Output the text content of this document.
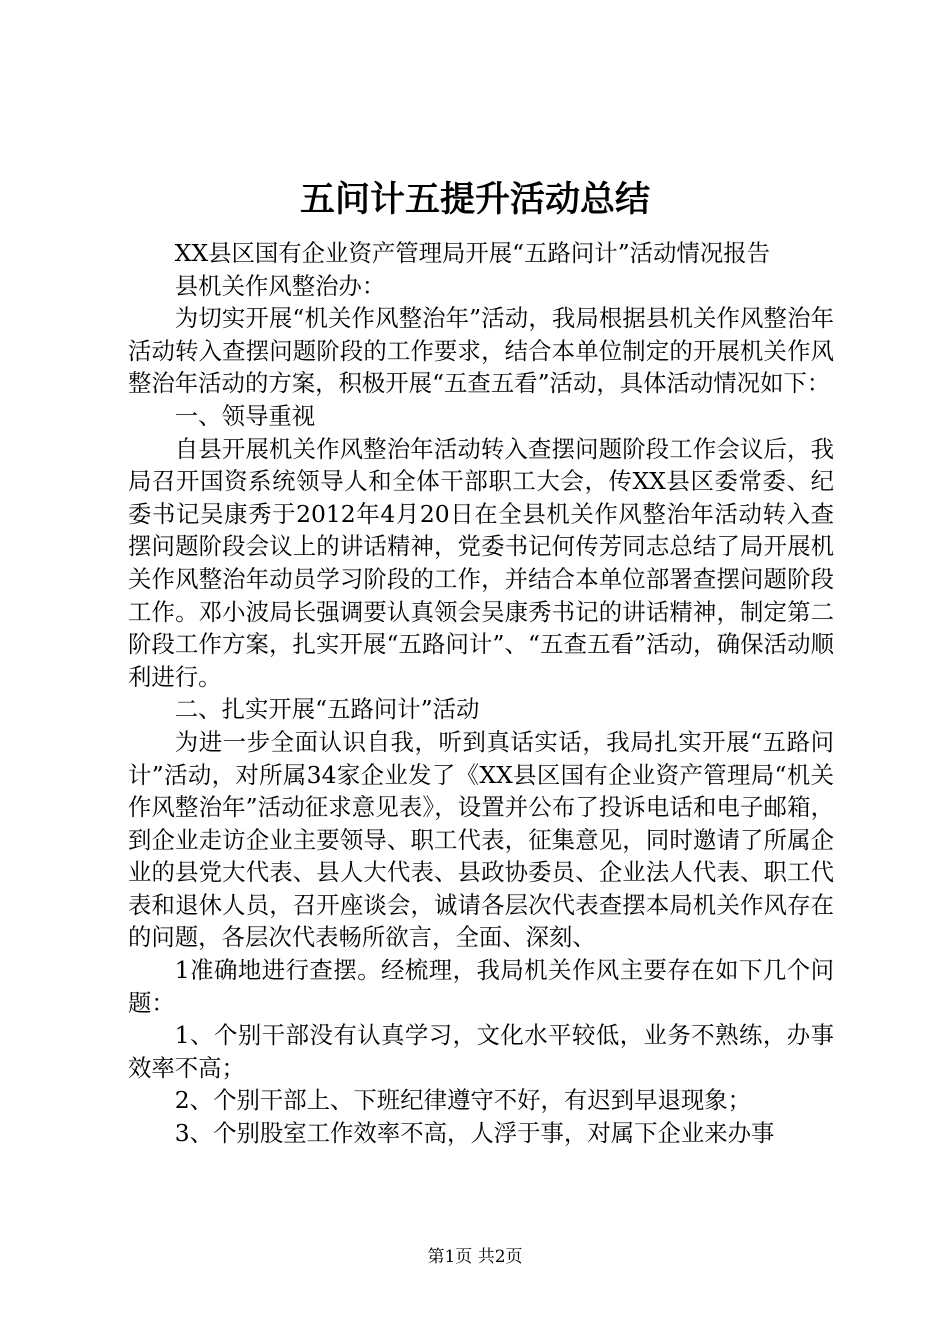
五问计五提升活动总结

XX县区国有企业资产管理局开展“五路问计”活动情况报告

县机关作风整治办：

为切实开展“机关作风整治年”活动，我局根据县机关作风整治年活动转入查摆问题阶段的工作要求，结合本单位制定的开展机关作风整治年活动的方案，积极开展“五查五看”活动，具体活动情况如下：

一、领导重视

自县开展机关作风整治年活动转入查摆问题阶段工作会议后，我局召开国资系统领导人和全体干部职工大会，传XX县区委常委、纪委书记吴康秀于2012年4月20日在全县机关作风整治年活动转入查摆问题阶段会议上的讲话精神，党委书记何传芳同志总结了局开展机关作风整治年动员学习阶段的工作，并结合本单位部署查摆问题阶段工作。邓小波局长强调要认真领会吴康秀书记的讲话精神，制定第二阶段工作方案，扎实开展“五路问计”、“五查五看”活动，确保活动顺利进行。

二、扎实开展“五路问计”活动

为进一步全面认识自我，听到真话实话，我局扎实开展“五路问计”活动，对所属34家企业发了《XX县区国有企业资产管理局“机关作风整治年”活动征求意见表》，设置并公布了投诉电话和电子邮箱，到企业走访企业主要领导、职工代表，征集意见，同时邀请了所属企业的县党大代表、县人大代表、县政协委员、企业法人代表、职工代表和退休人员，召开座谈会，诚请各层次代表查摆本局机关作风存在的问题，各层次代表畅所欲言，全面、深刻、

1准确地进行查摆。经梳理，我局机关作风主要存在如下几个问题：

1、个别干部没有认真学习，文化水平较低，业务不熟练，办事效率不高；

2、个别干部上、下班纪律遵守不好，有迟到早退现象；

3、个别股室工作效率不高，人浮于事，对属下企业来办事

第1页 共2页
